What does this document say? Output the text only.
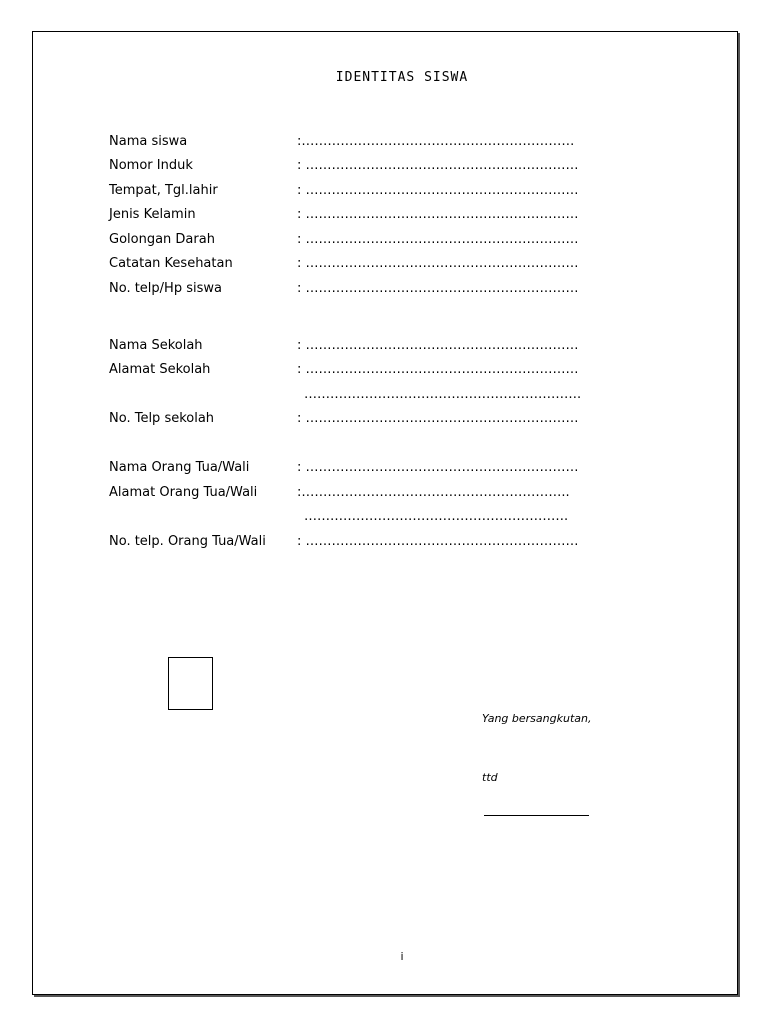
IDENTITAS SISWA
Nama siswa	:………………………………………………………
Nomor Induk	: ………………………………………………………
Tempat, Tgl.lahir	: ………………………………………………………
Jenis Kelamin	: ………………………………………………………
Golongan Darah	: ………………………………………………………
Catatan Kesehatan	: ………………………………………………………
No. telp/Hp siswa	: ………………………………………………………
Nama Sekolah	: ………………………………………………………
Alamat Sekolah	: ………………………………………………………
……………………………………………………….
No. Telp sekolah	: ………………………………………………………
Nama Orang Tua/Wali	: ………………………………………………………
Alamat Orang Tua/Wali	:……………………………………………………..
…………………………………………………….
No. telp. Orang Tua/Wali : ………………………………………………………
Yang bersangkutan,
ttd
i
